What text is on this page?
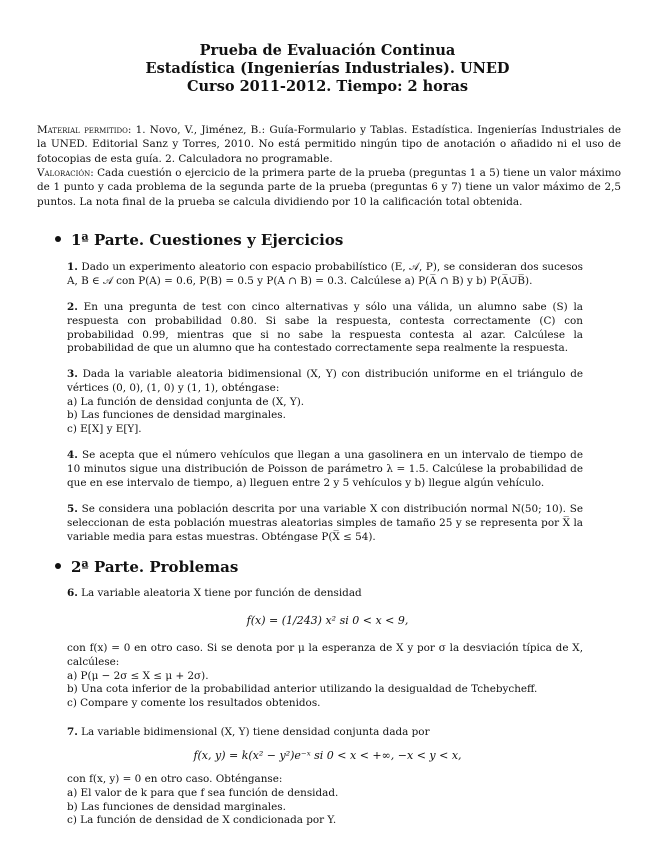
Prueba de Evaluación Continua
Estadística (Ingenierías Industriales). UNED
Curso 2011-2012. Tiempo: 2 horas
Material permitido: 1. Novo, V., Jiménez, B.: Guía-Formulario y Tablas. Estadística. Ingenierías Industriales de la UNED. Editorial Sanz y Torres, 2010. No está permitido ningún tipo de anotación o añadido ni el uso de fotocopias de esta guía. 2. Calculadora no programable.
Valoración: Cada cuestión o ejercicio de la primera parte de la prueba (preguntas 1 a 5) tiene un valor máximo de 1 punto y cada problema de la segunda parte de la prueba (preguntas 6 y 7) tiene un valor máximo de 2,5 puntos. La nota final de la prueba se calcula dividiendo por 10 la calificación total obtenida.
1ª Parte. Cuestiones y Ejercicios
1. Dado un experimento aleatorio con espacio probabilístico (E, 𝒜, P), se consideran dos sucesos A, B ∈ 𝒜 con P(A) = 0.6, P(B) = 0.5 y P(A ∩ B) = 0.3. Calcúlese a) P(A̅ ∩ B) y b) P(A̅∪̅B̅).
2. En una pregunta de test con cinco alternativas y sólo una válida, un alumno sabe (S) la respuesta con probabilidad 0.80. Si sabe la respuesta, contesta correctamente (C) con probabilidad 0.99, mientras que si no sabe la respuesta contesta al azar. Calcúlese la probabilidad de que un alumno que ha contestado correctamente sepa realmente la respuesta.
3. Dada la variable aleatoria bidimensional (X, Y) con distribución uniforme en el triángulo de vértices (0, 0), (1, 0) y (1, 1), obténgase:
a) La función de densidad conjunta de (X, Y).
b) Las funciones de densidad marginales.
c) E[X] y E[Y].
4. Se acepta que el número vehículos que llegan a una gasolinera en un intervalo de tiempo de 10 minutos sigue una distribución de Poisson de parámetro λ = 1.5. Calcúlese la probabilidad de que en ese intervalo de tiempo, a) lleguen entre 2 y 5 vehículos y b) llegue algún vehículo.
5. Se considera una población descrita por una variable X con distribución normal N(50; 10). Se seleccionan de esta población muestras aleatorias simples de tamaño 25 y se representa por X̅ la variable media para estas muestras. Obténgase P(X̅ ≤ 54).
2ª Parte. Problemas
6. La variable aleatoria X tiene por función de densidad
f(x) = (1/243) x² si 0 < x < 9,
con f(x) = 0 en otro caso. Si se denota por μ la esperanza de X y por σ la desviación típica de X, calcúlese:
a) P(μ − 2σ ≤ X ≤ μ + 2σ).
b) Una cota inferior de la probabilidad anterior utilizando la desigualdad de Tchebycheff.
c) Compare y comente los resultados obtenidos.
7. La variable bidimensional (X, Y) tiene densidad conjunta dada por
f(x, y) = k(x² − y²)e⁻ˣ si 0 < x < +∞, −x < y < x,
con f(x, y) = 0 en otro caso. Obténganse:
a) El valor de k para que f sea función de densidad.
b) Las funciones de densidad marginales.
c) La función de densidad de X condicionada por Y.
